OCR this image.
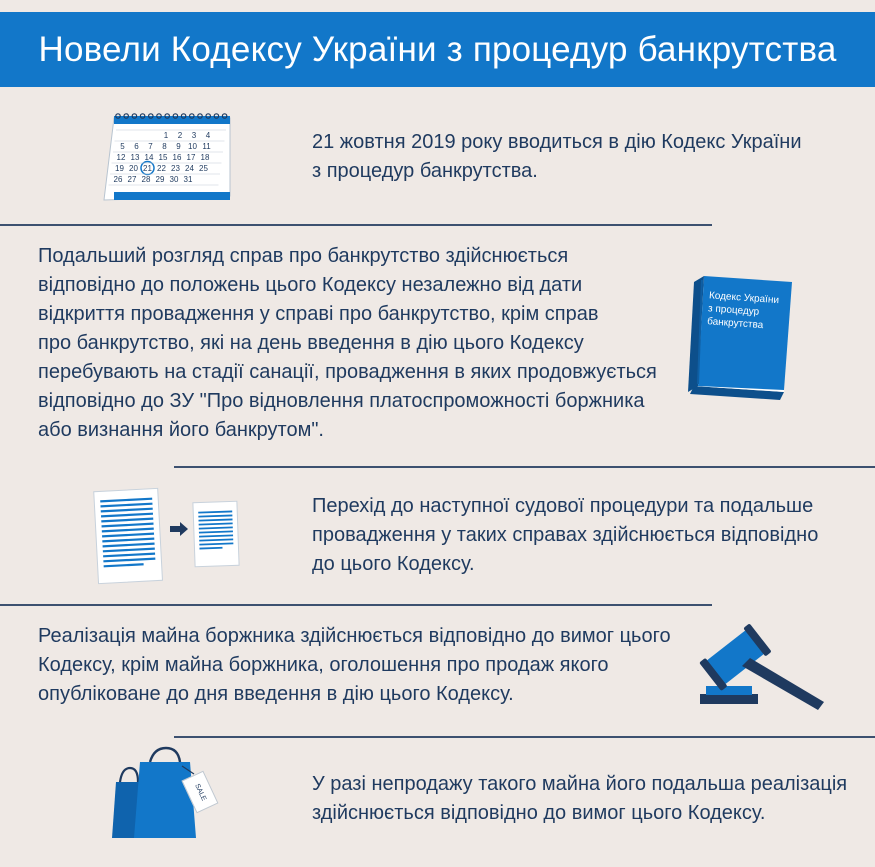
Новели Кодексу України з процедур банкрутства
1 2 3 4
5 6 7 8 9 10 11
12 13 14 15 16 17 18
19 20 21 22 23 24 25
26 27 28 29 30 31
21 жовтня 2019 року вводиться в дію Кодекс України
з процедур банкрутства.
Подальший розгляд справ про банкрутство здійснюється
відповідно до положень цього Кодексу незалежно від дати
відкриття провадження у справі про банкрутство, крім справ
про банкрутство, які на день введення в дію цього Кодексу
перебувають на стадії санації, провадження в яких продовжується
відповідно до ЗУ "Про відновлення платоспроможності боржника
або визнання його банкрутом".
Кодекс України
з процедур
банкрутства
Перехід до наступної судової процедури та подальше
провадження у таких справах здійснюється відповідно
до цього Кодексу.
Реалізація майна боржника здійснюється відповідно до вимог цього
Кодексу, крім майна боржника, оголошення про продаж якого
опубліковане до дня введення в дію цього Кодексу.
SALE	У разі непродажу такого майна його подальша реалізація
здійснюється відповідно до вимог цього Кодексу.
